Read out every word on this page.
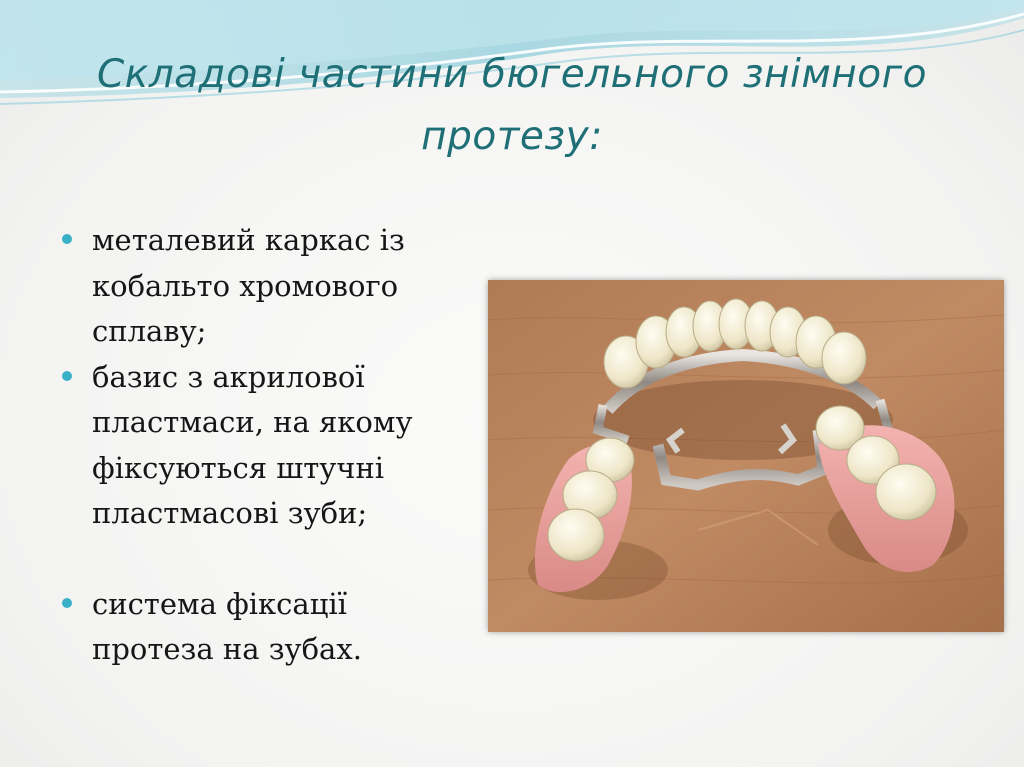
Складові частини бюгельного знімного протезу:
металевий каркас із кобальто хромового сплаву;
базис з акрилової пластмаси, на якому фіксуються штучні пластмасові зуби;
система фіксації протеза на зубах.
